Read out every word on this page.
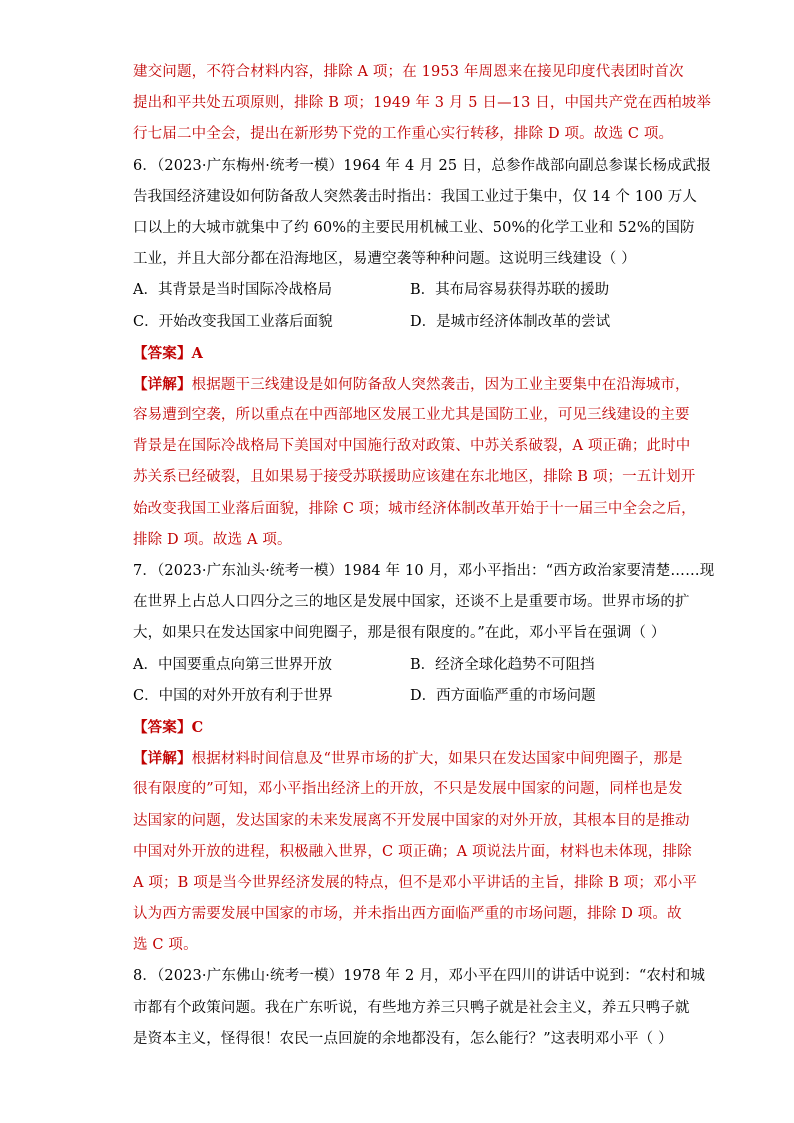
建交问题，不符合材料内容，排除 A 项；在 1953 年周恩来在接见印度代表团时首次
提出和平共处五项原则，排除 B 项；1949 年 3 月 5 日—13 日，中国共产党在西柏坡举
行七届二中全会，提出在新形势下党的工作重心实行转移，排除 D 项。故选 C 项。
6．（2023·广东梅州·统考一模）1964 年 4 月 25 日，总参作战部向副总参谋长杨成武报
告我国经济建设如何防备敌人突然袭击时指出：我国工业过于集中，仅 14 个 100 万人
口以上的大城市就集中了约 60%的主要民用机械工业、50%的化学工业和 52%的国防
工业，并且大部分都在沿海地区，易遭空袭等种种问题。这说明三线建设（ ）
A．其背景是当时国际冷战格局	B．其布局容易获得苏联的援助
C．开始改变我国工业落后面貌	D．是城市经济体制改革的尝试
【答案】A
【详解】根据题干三线建设是如何防备敌人突然袭击，因为工业主要集中在沿海城市，
容易遭到空袭，所以重点在中西部地区发展工业尤其是国防工业，可见三线建设的主要
背景是在国际冷战格局下美国对中国施行敌对政策、中苏关系破裂，A 项正确；此时中
苏关系已经破裂，且如果易于接受苏联援助应该建在东北地区，排除 B 项；一五计划开
始改变我国工业落后面貌，排除 C 项；城市经济体制改革开始于十一届三中全会之后，
排除 D 项。故选 A 项。
7．（2023·广东汕头·统考一模）1984 年 10 月，邓小平指出：“西方政治家要清楚……现
在世界上占总人口四分之三的地区是发展中国家，还谈不上是重要市场。世界市场的扩
大，如果只在发达国家中间兜圈子，那是很有限度的。”在此，邓小平旨在强调（ ）
A．中国要重点向第三世界开放	B．经济全球化趋势不可阻挡
C．中国的对外开放有利于世界	D．西方面临严重的市场问题
【答案】C
【详解】根据材料时间信息及“世界市场的扩大，如果只在发达国家中间兜圈子，那是
很有限度的”可知，邓小平指出经济上的开放，不只是发展中国家的问题，同样也是发
达国家的问题，发达国家的未来发展离不开发展中国家的对外开放，其根本目的是推动
中国对外开放的进程，积极融入世界，C 项正确；A 项说法片面，材料也未体现，排除
A 项；B 项是当今世界经济发展的特点，但不是邓小平讲话的主旨，排除 B 项；邓小平
认为西方需要发展中国家的市场，并未指出西方面临严重的市场问题，排除 D 项。故
选 C 项。
8．（2023·广东佛山·统考一模）1978 年 2 月，邓小平在四川的讲话中说到：“农村和城
市都有个政策问题。我在广东听说，有些地方养三只鸭子就是社会主义，养五只鸭子就
是资本主义，怪得很！农民一点回旋的余地都没有，怎么能行？”这表明邓小平（ ）
